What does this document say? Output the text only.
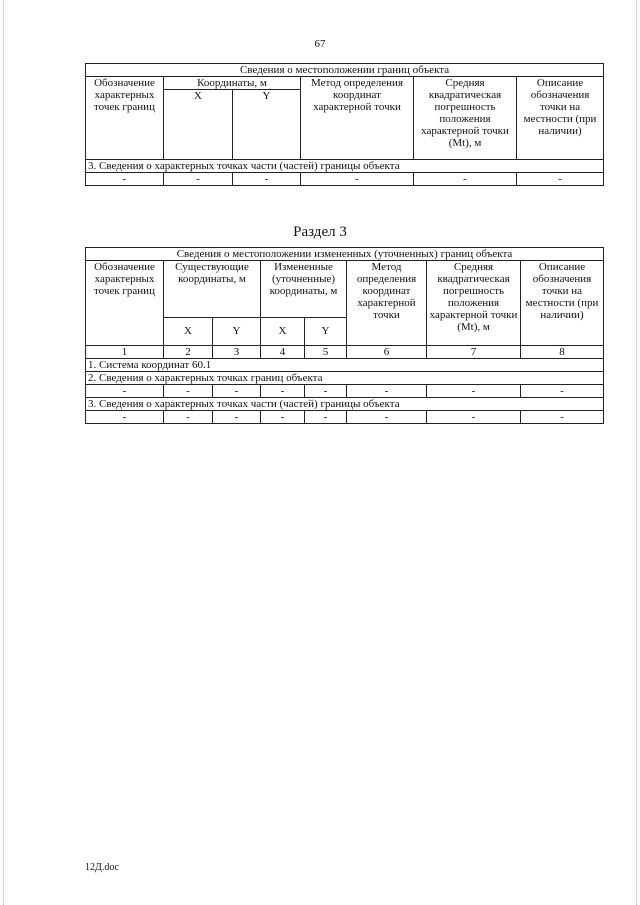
67
Сведения о местоположении границ объекта					
Обозначение характерных точек границ	Координаты, м		Метод определения координат характерной точки	Средняя квадратическая погрешность положения характерной точки (Mt), м	Описание обозначения точки на местности (при наличии)
	X	Y			
3. Сведения о характерных точках части (частей) границы объекта					
-	-	-	-	-	-
Раздел 3
Сведения о местоположении измененных (уточненных) границ объекта							
Обозначение характерных точек границ	Существующие координаты, м		Измененные (уточненные) координаты, м		Метод определения координат характерной точки	Средняя квадратическая погрешность положения характерной точки (Mt), м	Описание обозначения точки на местности (при наличии)
	X	Y	X	Y			
1	2	3	4	5	6	7	8
1. Система координат 60.1							
2. Сведения о характерных точках границ объекта							
-	-	-	-	-	-	-	-
3. Сведения о характерных точках части (частей) границы объекта							
-	-	-	-	-	-	-	-
12Д.doc
